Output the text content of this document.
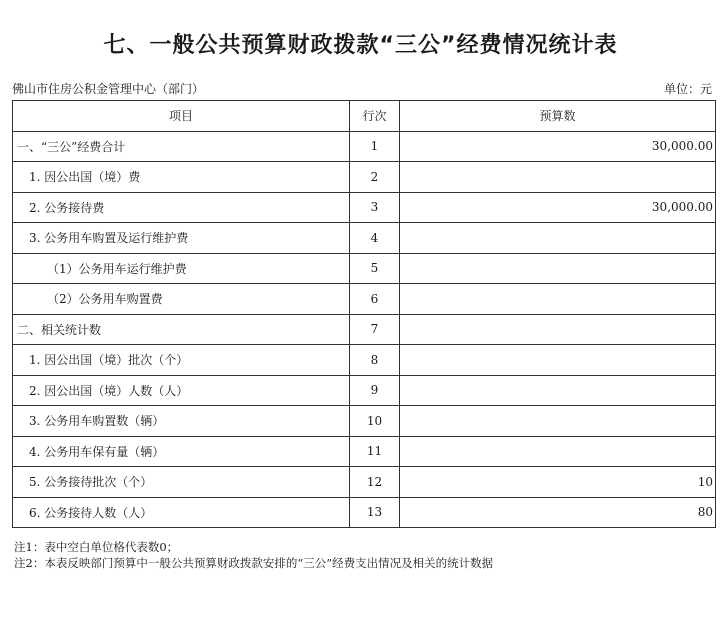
七、一般公共预算财政拨款“三公”经费情况统计表
佛山市住房公积金管理中心（部门）	单位：元
项目	行次	预算数
一、“三公”经费合计	1	30,000.00
1. 因公出国（境）费	2	
2. 公务接待费	3	30,000.00
3. 公务用车购置及运行维护费	4	
（1）公务用车运行维护费	5	
（2）公务用车购置费	6	
二、相关统计数	7	
1. 因公出国（境）批次（个）	8	
2. 因公出国（境）人数（人）	9	
3. 公务用车购置数（辆）	10	
4. 公务用车保有量（辆）	11	
5. 公务接待批次（个）	12	10
6. 公务接待人数（人）	13	80
注1：表中空白单位格代表数0；
注2：本表反映部门预算中一般公共预算财政拨款安排的“三公”经费支出情况及相关的统计数据
